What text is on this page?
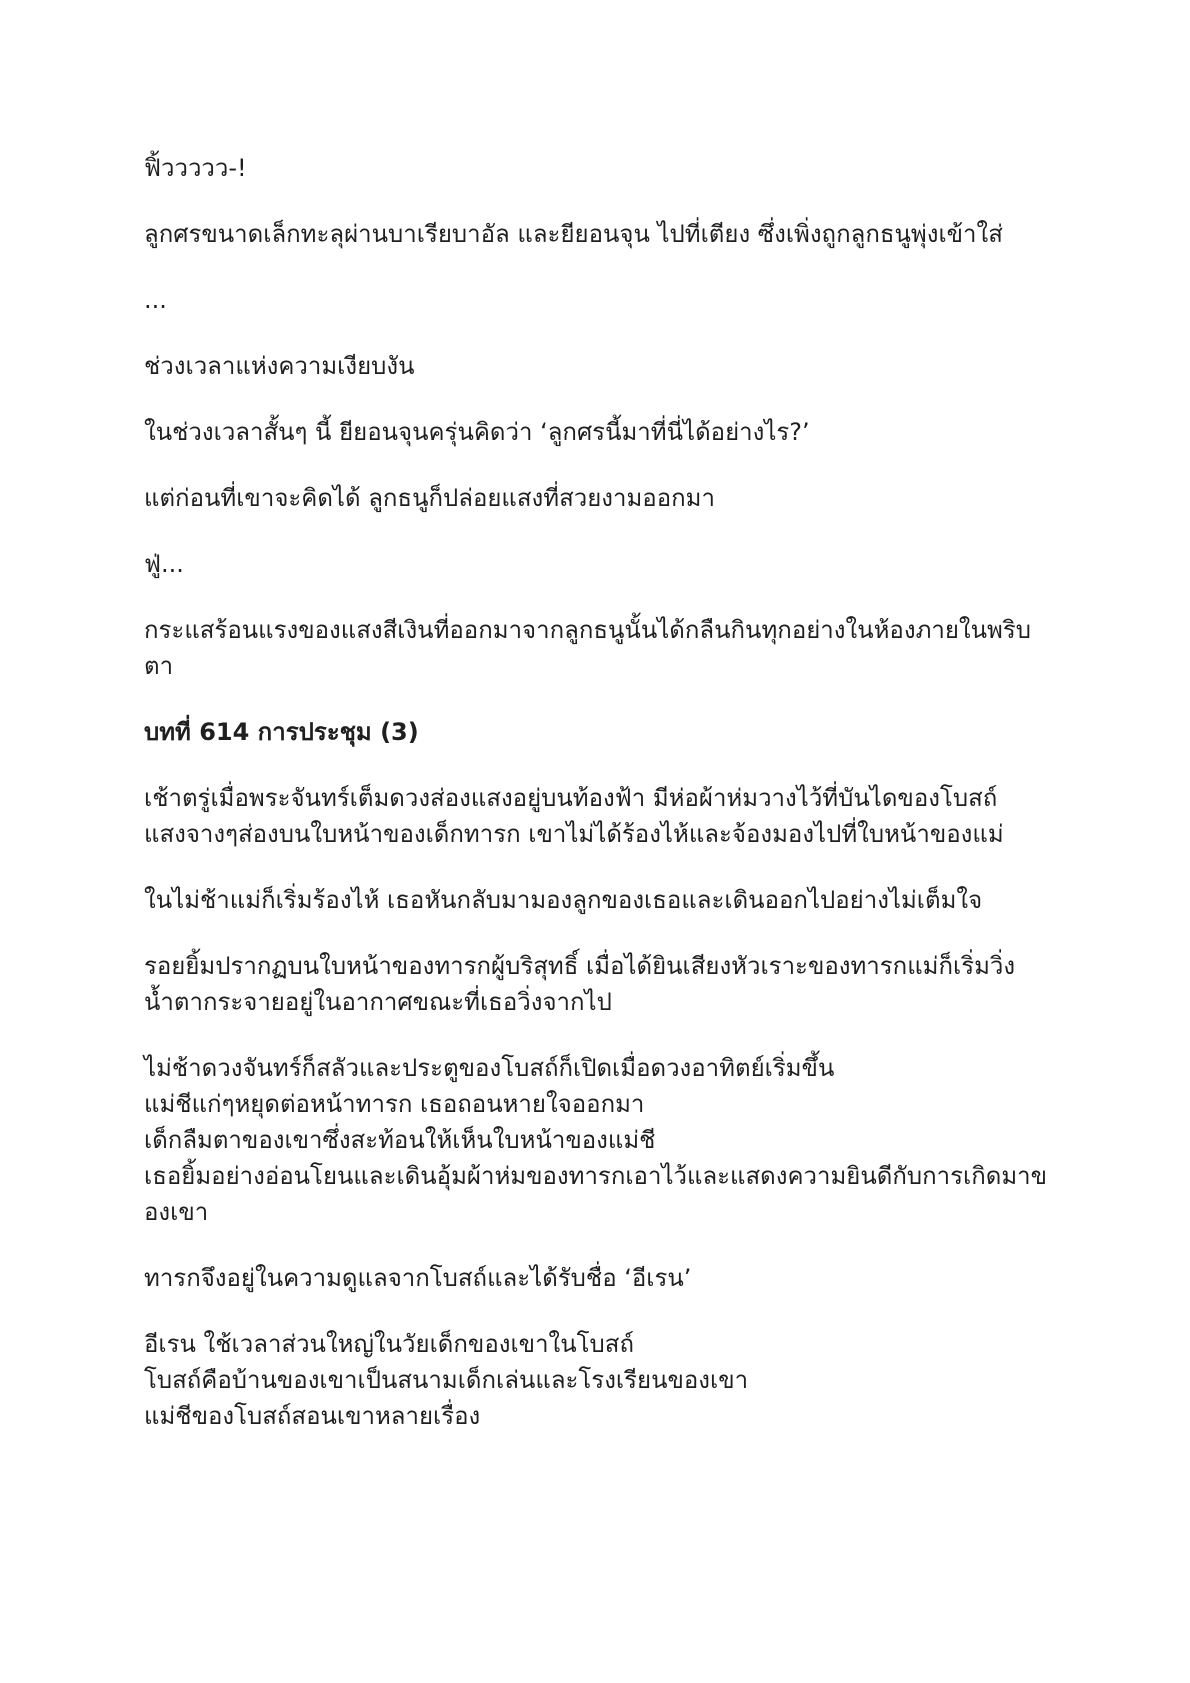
ฟิ้ววววว-!

ลูกศรขนาดเล็กทะลุผ่านบาเรียบาอัล และยียอนจุน ไปที่เตียง ซึ่งเพิ่งถูกลูกธนูพุ่งเข้าใส่

...

ช่วงเวลาแห่งความเงียบงัน

ในช่วงเวลาสั้นๆ นี้ ยียอนจุนครุ่นคิดว่า ‘ลูกศรนี้มาที่นี่ได้อย่างไร?’

แต่ก่อนที่เขาจะคิดได้ ลูกธนูก็ปล่อยแสงที่สวยงามออกมา

ฟู่...

กระแสร้อนแรงของแสงสีเงินที่ออกมาจากลูกธนูนั้นได้กลืนกินทุกอย่างในห้องภายในพริบ
ตา

บทที่ 614 การประชุม (3)

เช้าตรู่เมื่อพระจันทร์เต็มดวงส่องแสงอยู่บนท้องฟ้า มีห่อผ้าห่มวางไว้ที่บันไดของโบสถ์
แสงจางๆส่องบนใบหน้าของเด็กทารก เขาไม่ได้ร้องไห้และจ้องมองไปที่ใบหน้าของแม่

ในไม่ช้าแม่ก็เริ่มร้องไห้ เธอหันกลับมามองลูกของเธอและเดินออกไปอย่างไม่เต็มใจ

รอยยิ้มปรากฏบนใบหน้าของทารกผู้บริสุทธิ์ เมื่อได้ยินเสียงหัวเราะของทารกแม่ก็เริ่มวิ่ง
น้ำตากระจายอยู่ในอากาศขณะที่เธอวิ่งจากไป

ไม่ช้าดวงจันทร์ก็สลัวและประตูของโบสถ์ก็เปิดเมื่อดวงอาทิตย์เริ่มขึ้น
แม่ชีแก่ๆหยุดต่อหน้าทารก เธอถอนหายใจออกมา
เด็กลืมตาของเขาซึ่งสะท้อนให้เห็นใบหน้าของแม่ชี
เธอยิ้มอย่างอ่อนโยนและเดินอุ้มผ้าห่มของทารกเอาไว้และแสดงความยินดีกับการเกิดมาข
องเขา

ทารกจึงอยู่ในความดูแลจากโบสถ์และได้รับชื่อ ‘อีเรน’

อีเรน ใช้เวลาส่วนใหญ่ในวัยเด็กของเขาในโบสถ์
โบสถ์คือบ้านของเขาเป็นสนามเด็กเล่นและโรงเรียนของเขา
แม่ชีของโบสถ์สอนเขาหลายเรื่อง
